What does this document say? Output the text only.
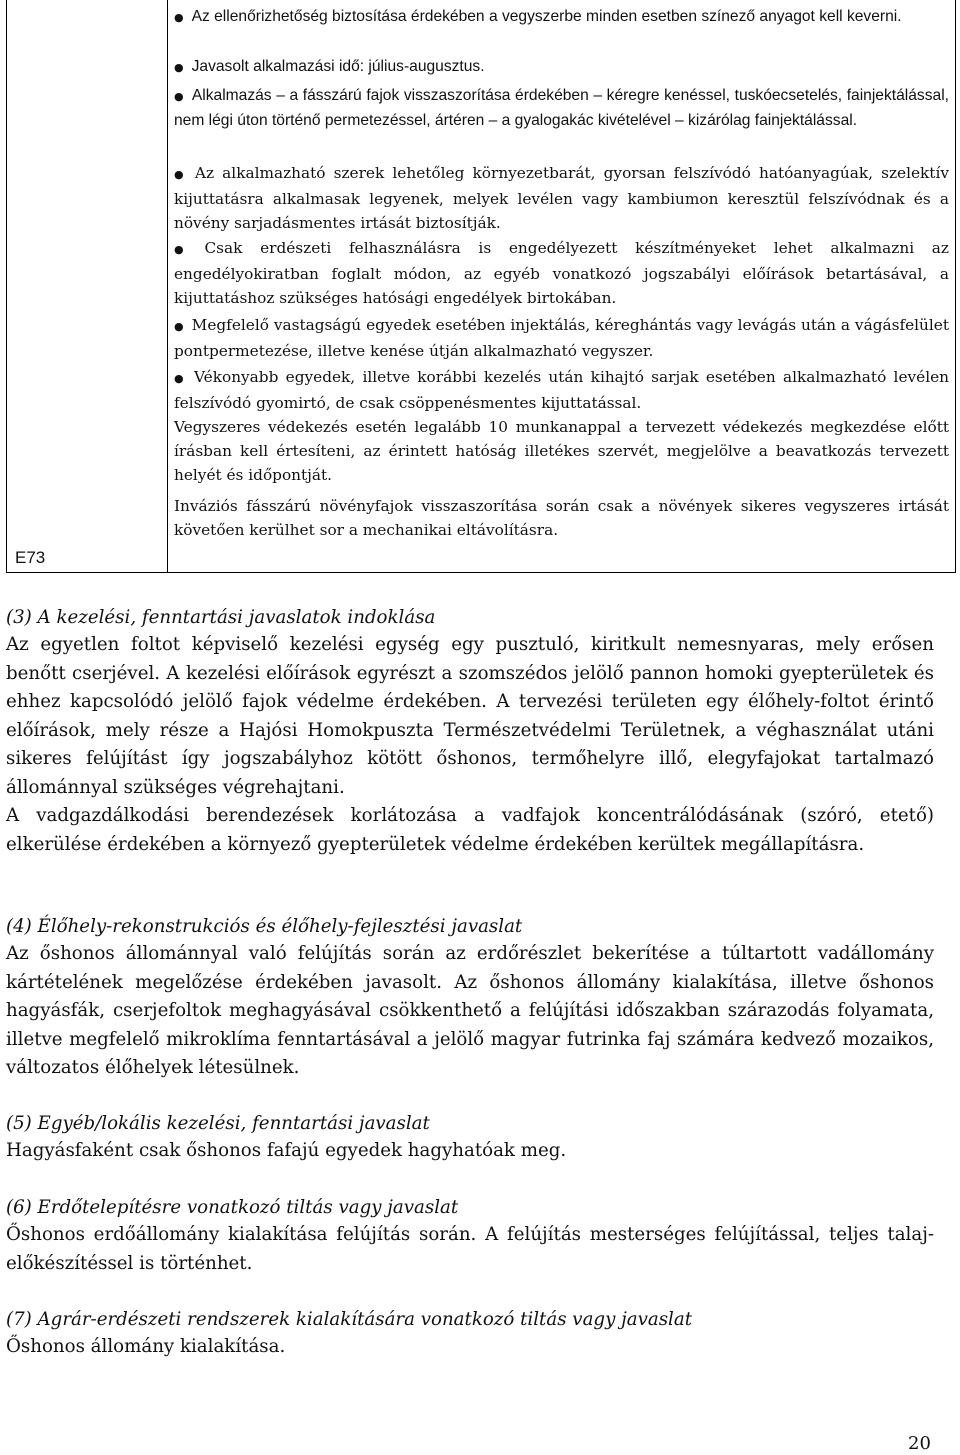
E73

● Az ellenőrizhetőség biztosítása érdekében a vegyszerbe minden esetben színező anyagot kell keverni.

● Javasolt alkalmazási idő: július-augusztus.

● Alkalmazás – a fásszárú fajok visszaszorítása érdekében – kéregre kenéssel, tuskóecsetelés, fainjektálással, nem légi úton történő permetezéssel, ártéren – a gyalogakác kivételével – kizárólag fainjektálással.

● Az alkalmazható szerek lehetőleg környezetbarát, gyorsan felszívódó hatóanyagúak, szelektív kijuttatásra alkalmasak legyenek, melyek levélen vagy kambiumon keresztül felszívódnak és a növény sarjadásmentes irtását biztosítják.

● Csak erdészeti felhasználásra is engedélyezett készítményeket lehet alkalmazni az engedélyokiratban foglalt módon, az egyéb vonatkozó jogszabályi előírások betartásával, a kijuttatáshoz szükséges hatósági engedélyek birtokában.

● Megfelelő vastagságú egyedek esetében injektálás, kéreghántás vagy levágás után a vágásfelület pontpermetezése, illetve kenése útján alkalmazható vegyszer.

● Vékonyabb egyedek, illetve korábbi kezelés után kihajtó sarjak esetében alkalmazható levélen felszívódó gyomirtó, de csak csöppenésmentes kijuttatással.

Vegyszeres védekezés esetén legalább 10 munkanappal a tervezett védekezés megkezdése előtt írásban kell értesíteni, az érintett hatóság illetékes szervét, megjelölve a beavatkozás tervezett helyét és időpontját.

Inváziós fásszárú növényfajok visszaszorítása során csak a növények sikeres vegyszeres irtását követően kerülhet sor a mechanikai eltávolításra.

(3) A kezelési, fenntartási javaslatok indoklása

Az egyetlen foltot képviselő kezelési egység egy pusztuló, kiritkult nemesnyaras, mely erősen benőtt cserjével. A kezelési előírások egyrészt a szomszédos jelölő pannon homoki gyepterületek és ehhez kapcsolódó jelölő fajok védelme érdekében. A tervezési területen egy élőhely-foltot érintő előírások, mely része a Hajósi Homokpuszta Természetvédelmi Területnek, a véghasználat utáni sikeres felújítást így jogszabályhoz kötött őshonos, termőhelyre illő, elegyfajokat tartalmazó állománnyal szükséges végrehajtani.

A vadgazdálkodási berendezések korlátozása a vadfajok koncentrálódásának (szóró, etető) elkerülése érdekében a környező gyepterületek védelme érdekében kerültek megállapításra.

(4) Élőhely-rekonstrukciós és élőhely-fejlesztési javaslat

Az őshonos állománnyal való felújítás során az erdőrészlet bekerítése a túltartott vadállomány kártételének megelőzése érdekében javasolt. Az őshonos állomány kialakítása, illetve őshonos hagyásfák, cserjefoltok meghagyásával csökkenthető a felújítási időszakban szárazodás folyamata, illetve megfelelő mikroklíma fenntartásával a jelölő magyar futrinka faj számára kedvező mozaikos, változatos élőhelyek létesülnek.

(5) Egyéb/lokális kezelési, fenntartási javaslat

Hagyásfaként csak őshonos fafajú egyedek hagyhatóak meg.

(6) Erdőtelepítésre vonatkozó tiltás vagy javaslat

Őshonos erdőállomány kialakítása felújítás során. A felújítás mesterséges felújítással, teljes talaj-előkészítéssel is történhet.

(7) Agrár-erdészeti rendszerek kialakítására vonatkozó tiltás vagy javaslat

Őshonos állomány kialakítása.

20
